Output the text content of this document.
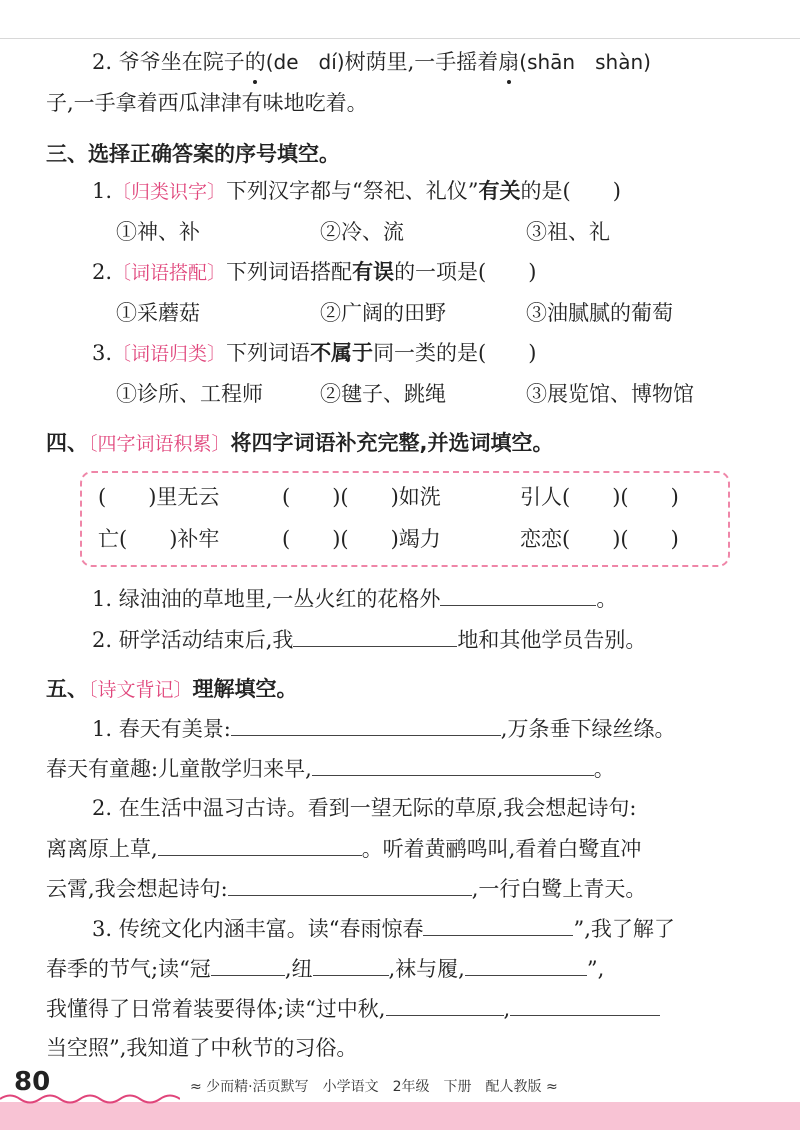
2. 爷爷坐在院子的(de　dí)树荫里,一手摇着扇(shān　shàn)
子,一手拿着西瓜津津有味地吃着。
三、选择正确答案的序号填空。
1.〔归类识字〕下列汉字都与“祭祀、礼仪”有关的是(　　)
①神、补	②冷、流	③祖、礼
2.〔词语搭配〕下列词语搭配有误的一项是(　　)
①采蘑菇	②广阔的田野	③油腻腻的葡萄
3.〔词语归类〕下列词语不属于同一类的是(　　)
①诊所、工程师	②毽子、跳绳	③展览馆、博物馆
四、〔四字词语积累〕将四字词语补充完整,并选词填空。
(　　)里无云	(　　)(　　)如洗	引人(　　)(　　)
亡(　　)补牢	(　　)(　　)竭力	恋恋(　　)(　　)
1. 绿油油的草地里,一丛火红的花格外	。
2. 研学活动结束后,我	地和其他学员告别。
五、〔诗文背记〕理解填空。
1. 春天有美景:	,万条垂下绿丝绦。
春天有童趣:儿童散学归来早,	。
2. 在生活中温习古诗。看到一望无际的草原,我会想起诗句:
离离原上草,	。听着黄鹂鸣叫,看着白鹭直冲
云霄,我会想起诗句:	,一行白鹭上青天。
3. 传统文化内涵丰富。读“春雨惊春	”,我了解了
春季的节气;读“冠	,纽	,袜与履,	”,
我懂得了日常着装要得体;读“过中秋,	,
当空照”,我知道了中秋节的习俗。
80	≈ 少而精·活页默写　小学语文　2年级　下册　配人教版 ≈
